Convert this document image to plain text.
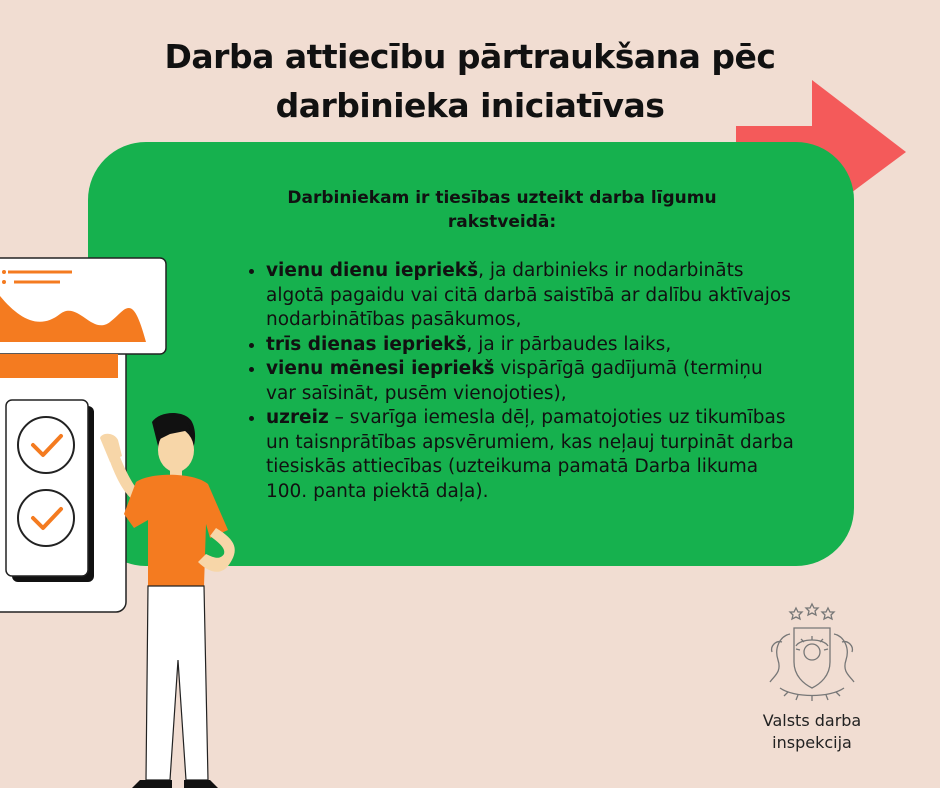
Darba attiecību pārtraukšana pēc
darbinieka iniciatīvas
Darbiniekam ir tiesības uzteikt darba līgumu
rakstveidā:
• vienu dienu iepriekš, ja darbinieks ir nodarbināts algotā pagaidu vai citā darbā saistībā ar dalību aktīvajos nodarbinātības pasākumos,
• trīs dienas iepriekš, ja ir pārbaudes laiks,
• vienu mēnesi iepriekš vispārīgā gadījumā (termiņu var saīsināt, pusēm vienojoties),
• uzreiz – svarīga iemesla dēļ, pamatojoties uz tikumības un taisnprātības apsvērumiem, kas neļauj turpināt darba tiesiskās attiecības (uzteikuma pamatā Darba likuma 100. panta piektā daļa).
Valsts darba
inspekcija
